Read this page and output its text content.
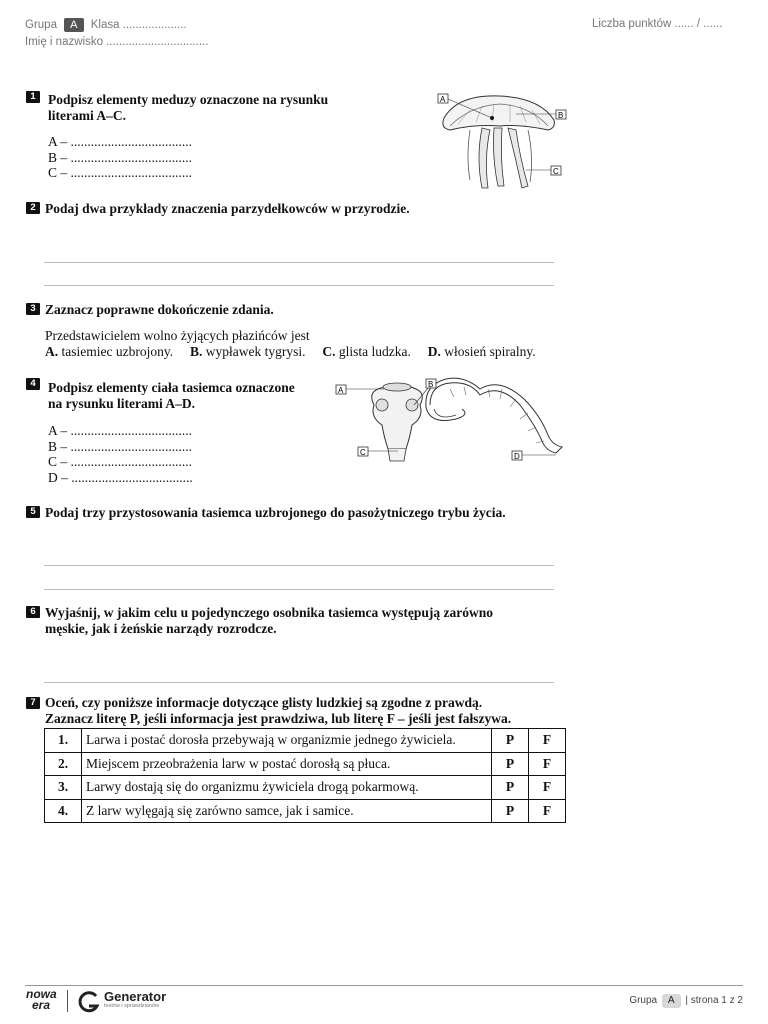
Grupa A Klasa ....................
Imię i nazwisko ................................
Liczba punktów ...... / ......
1 Podpisz elementy meduzy oznaczone na rysunku
literami A–C.
A – ....................................
B – ....................................
C – ....................................
A
B
C
2 Podaj dwa przykłady znaczenia parzydełkowców w przyrodzie.
3 Zaznacz poprawne dokończenie zdania.
Przedstawicielem wolno żyjących płazińców jest
A. tasiemiec uzbrojony. B. wypławek tygrysi. C. glista ludzka. D. włosień spiralny.
4 Podpisz elementy ciała tasiemca oznaczone
na rysunku literami A–D.
A – ....................................
B – ....................................
C – ....................................
D – ....................................
A
B
C	D
5 Podaj trzy przystosowania tasiemca uzbrojonego do pasożytniczego trybu życia.
6 Wyjaśnij, w jakim celu u pojedynczego osobnika tasiemca występują zarówno
męskie, jak i żeńskie narządy rozrodcze.
7 Oceń, czy poniższe informacje dotyczące glisty ludzkiej są zgodne z prawdą.
Zaznacz literę P, jeśli informacja jest prawdziwa, lub literę F – jeśli jest fałszywa.
1.	Larwa i postać dorosła przebywają w organizmie jednego żywiciela.	P	F
2.	Miejscem przeobrażenia larw w postać dorosłą są płuca.	P	F
3.	Larwy dostają się do organizmu żywiciela drogą pokarmową.	P	F
4.	Z larw wylęgają się zarówno samce, jak i samice.	P	F
nowa
era
Generator
testów i sprawdzianów	Grupa A | strona 1 z 2
